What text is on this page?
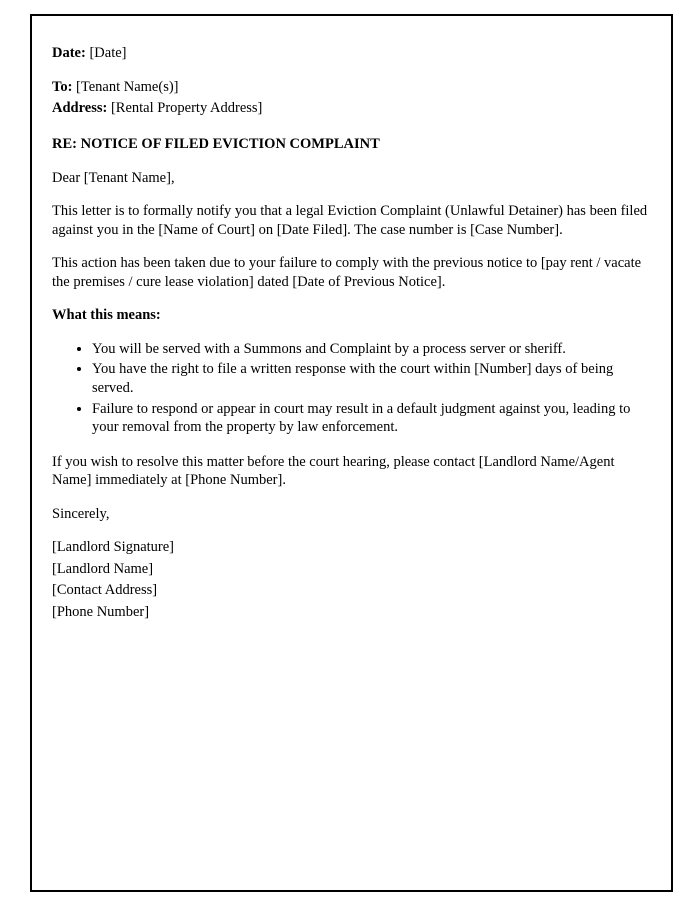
Date: [Date]
To: [Tenant Name(s)]
Address: [Rental Property Address]
RE: NOTICE OF FILED EVICTION COMPLAINT

Dear [Tenant Name],

This letter is to formally notify you that a legal Eviction Complaint (Unlawful Detainer) has been filed against you in the [Name of Court] on [Date Filed]. The case number is [Case Number].

This action has been taken due to your failure to comply with the previous notice to [pay rent / vacate the premises / cure lease violation] dated [Date of Previous Notice].

What this means:

• You will be served with a Summons and Complaint by a process server or sheriff.
• You have the right to file a written response with the court within [Number] days of being served.
• Failure to respond or appear in court may result in a default judgment against you, leading to your removal from the property by law enforcement.

If you wish to resolve this matter before the court hearing, please contact [Landlord Name/Agent Name] immediately at [Phone Number].

Sincerely,

[Landlord Signature]
[Landlord Name]
[Contact Address]
[Phone Number]
